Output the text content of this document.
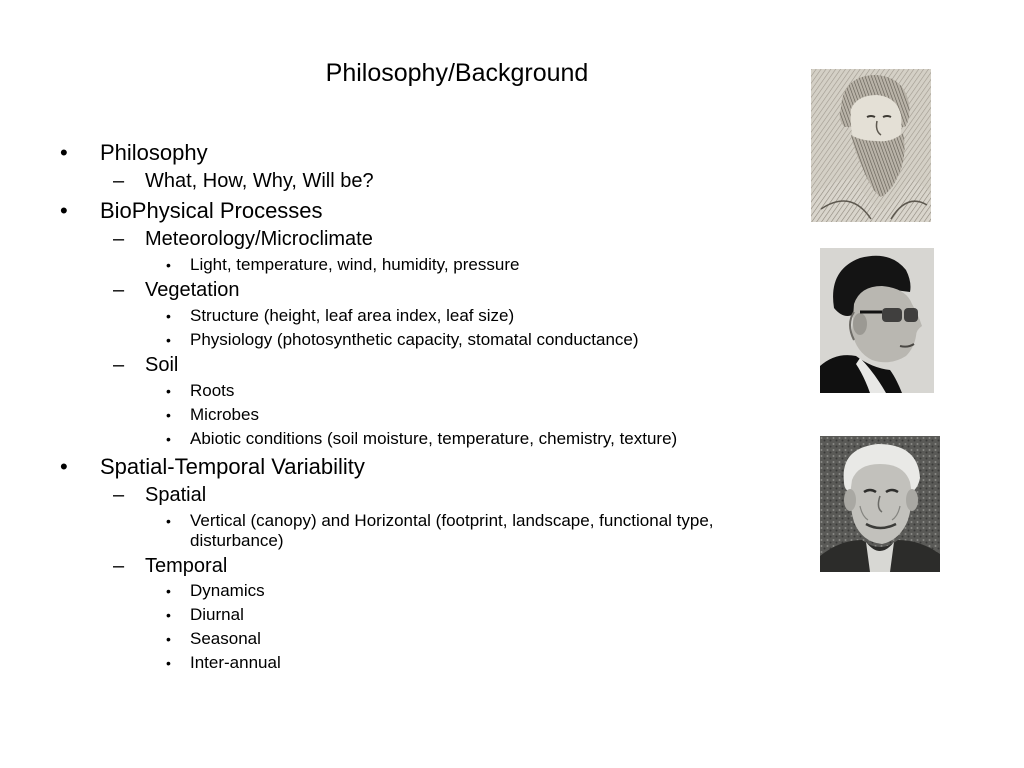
Philosophy/Background
• Philosophy
– What, How, Why, Will be?
• BioPhysical Processes
– Meteorology/Microclimate
• Light, temperature, wind, humidity, pressure
– Vegetation
• Structure (height, leaf area index, leaf size)
• Physiology (photosynthetic capacity, stomatal conductance)
– Soil
• Roots
• Microbes
• Abiotic conditions (soil moisture, temperature, chemistry, texture)
• Spatial-Temporal Variability
– Spatial
• Vertical (canopy) and Horizontal (footprint, landscape, functional type, disturbance)
– Temporal
• Dynamics
• Diurnal
• Seasonal
• Inter-annual
